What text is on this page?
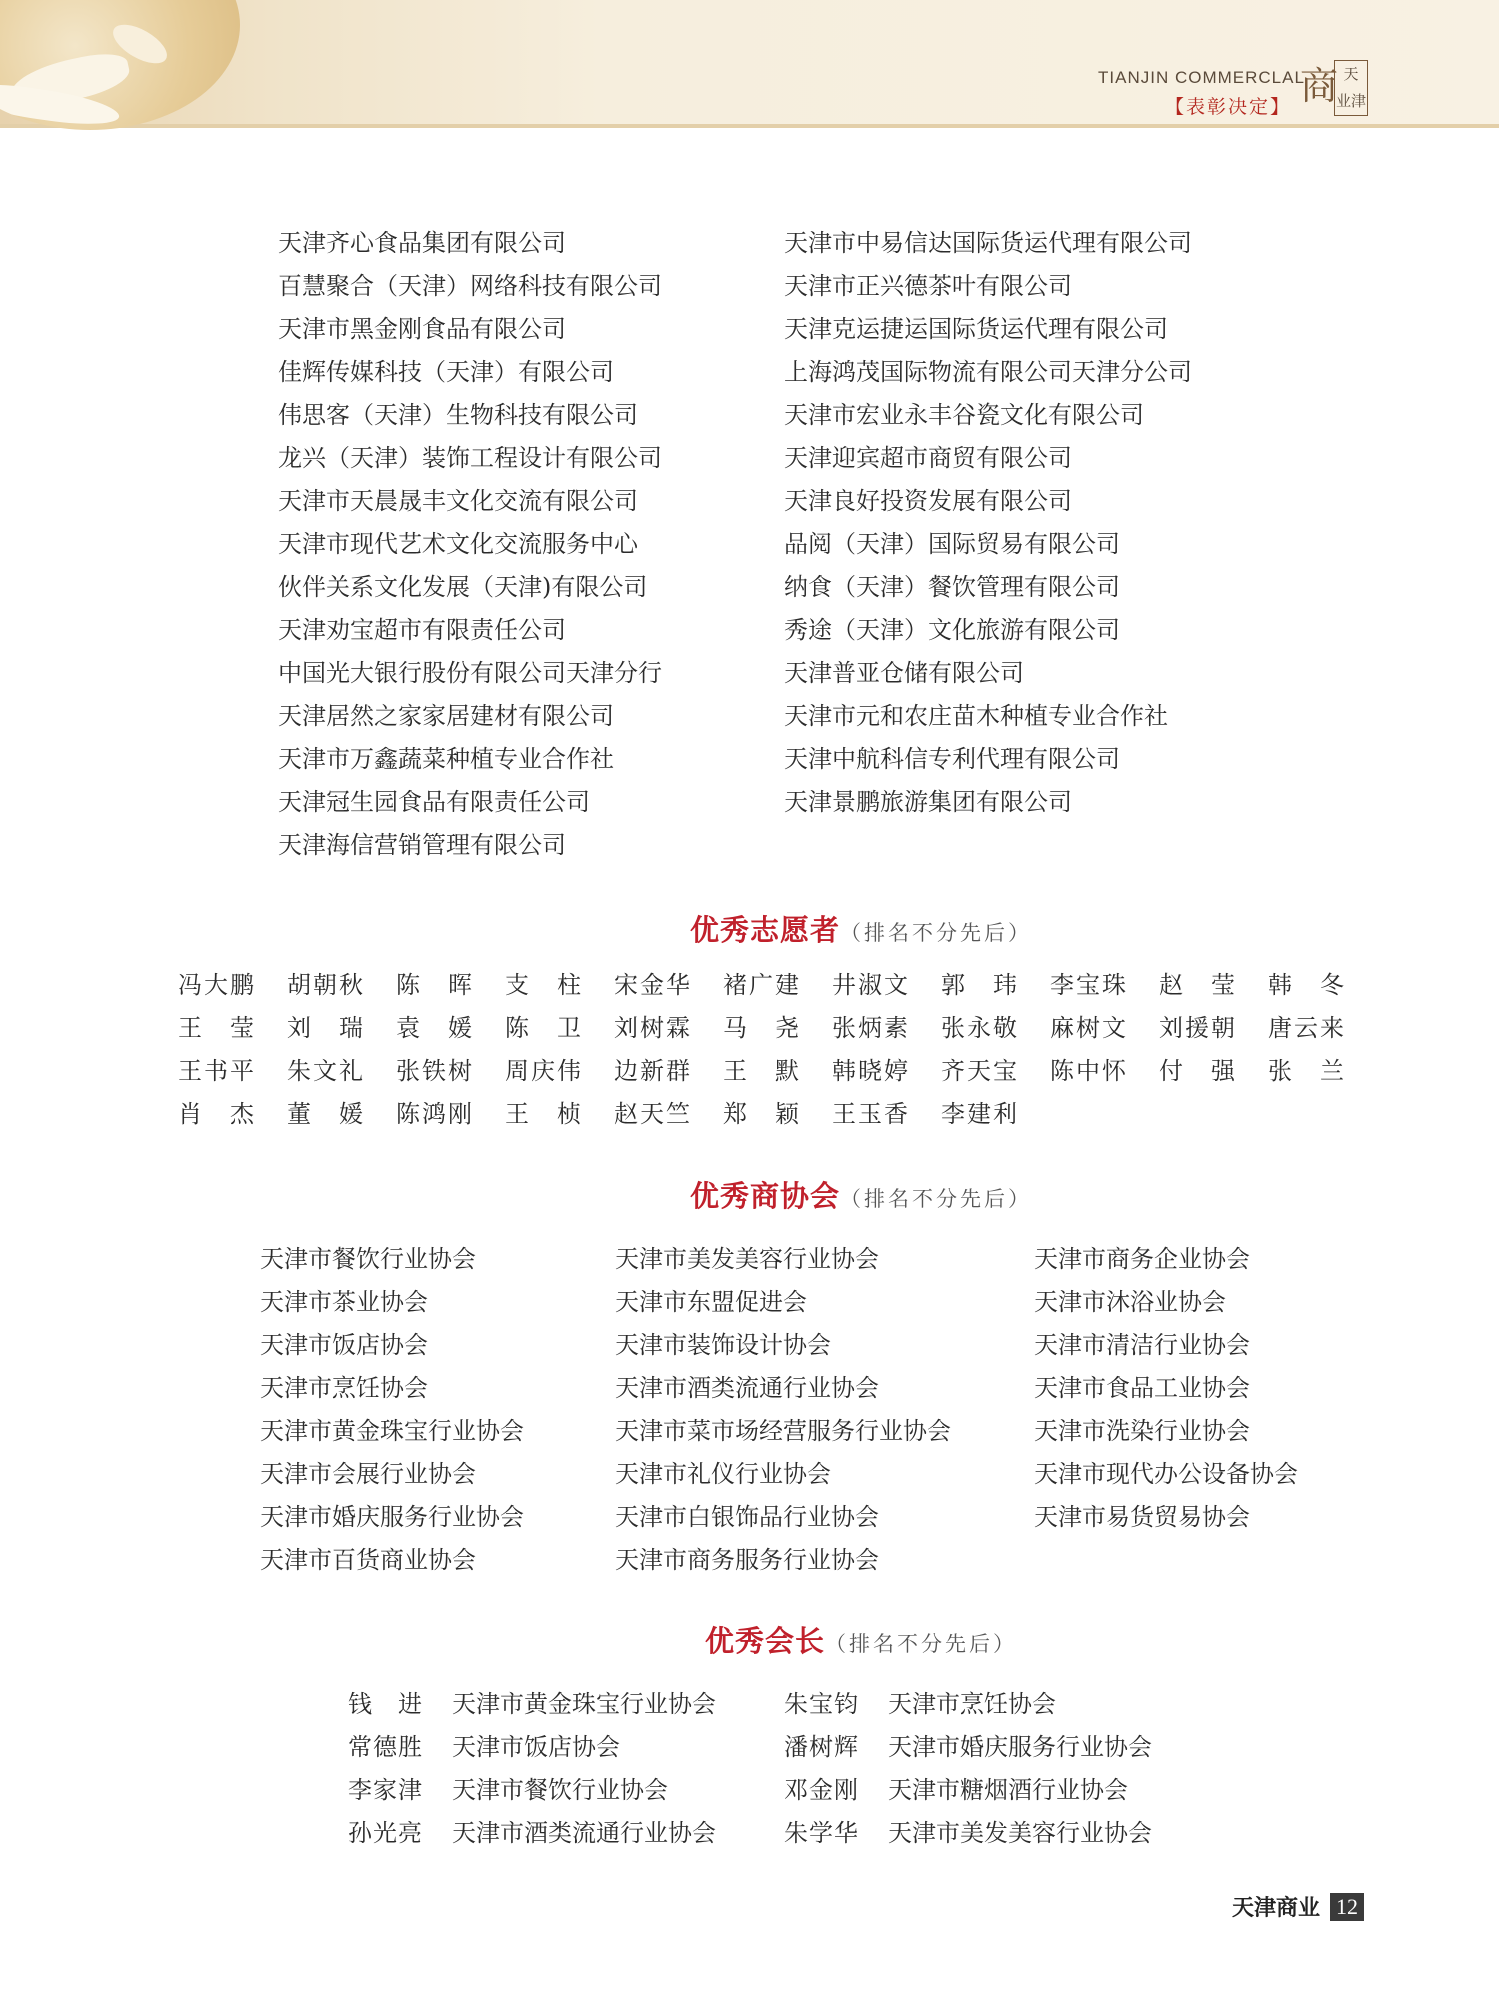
TIANJIN COMMERCLAL
【表彰决定】 商 天
业津
天津齐心食品集团有限公司
百慧聚合（天津）网络科技有限公司
天津市黑金刚食品有限公司
佳辉传媒科技（天津）有限公司
伟思客（天津）生物科技有限公司
龙兴（天津）装饰工程设计有限公司
天津市天晨晟丰文化交流有限公司
天津市现代艺术文化交流服务中心
伙伴关系文化发展（天津)有限公司
天津劝宝超市有限责任公司
中国光大银行股份有限公司天津分行
天津居然之家家居建材有限公司
天津市万鑫蔬菜种植专业合作社
天津冠生园食品有限责任公司
天津海信营销管理有限公司
天津市中易信达国际货运代理有限公司
天津市正兴德茶叶有限公司
天津克运捷运国际货运代理有限公司
上海鸿茂国际物流有限公司天津分公司
天津市宏业永丰谷瓷文化有限公司
天津迎宾超市商贸有限公司
天津良好投资发展有限公司
品阅（天津）国际贸易有限公司
纳食（天津）餐饮管理有限公司
秀途（天津）文化旅游有限公司
天津普亚仓储有限公司
天津市元和农庄苗木种植专业合作社
天津中航科信专利代理有限公司
天津景鹏旅游集团有限公司
优秀志愿者（排名不分先后）
冯大鹏 胡朝秋 陈晖 支柱 宋金华 褚广建 井淑文 郭玮 李宝珠 赵莹 韩冬
王莹 刘瑞 袁媛 陈卫 刘树霖 马尧 张炳素 张永敬 麻树文 刘援朝 唐云来
王书平 朱文礼 张铁树 周庆伟 边新群 王默 韩晓婷 齐天宝 陈中怀 付强 张兰
肖杰 董媛 陈鸿刚 王桢 赵天竺 郑颖 王玉香 李建利
优秀商协会（排名不分先后）
天津市餐饮行业协会
天津市茶业协会
天津市饭店协会
天津市烹饪协会
天津市黄金珠宝行业协会
天津市会展行业协会
天津市婚庆服务行业协会
天津市百货商业协会
天津市美发美容行业协会
天津市东盟促进会
天津市装饰设计协会
天津市酒类流通行业协会
天津市菜市场经营服务行业协会
天津市礼仪行业协会
天津市白银饰品行业协会
天津市商务服务行业协会
天津市商务企业协会
天津市沐浴业协会
天津市清洁行业协会
天津市食品工业协会
天津市洗染行业协会
天津市现代办公设备协会
天津市易货贸易协会
优秀会长（排名不分先后）
钱进 天津市黄金珠宝行业协会
常德胜 天津市饭店协会
李家津 天津市餐饮行业协会
孙光亮 天津市酒类流通行业协会
朱宝钧 天津市烹饪协会
潘树辉 天津市婚庆服务行业协会
邓金刚 天津市糖烟酒行业协会
朱学华 天津市美发美容行业协会
天津商业 12
